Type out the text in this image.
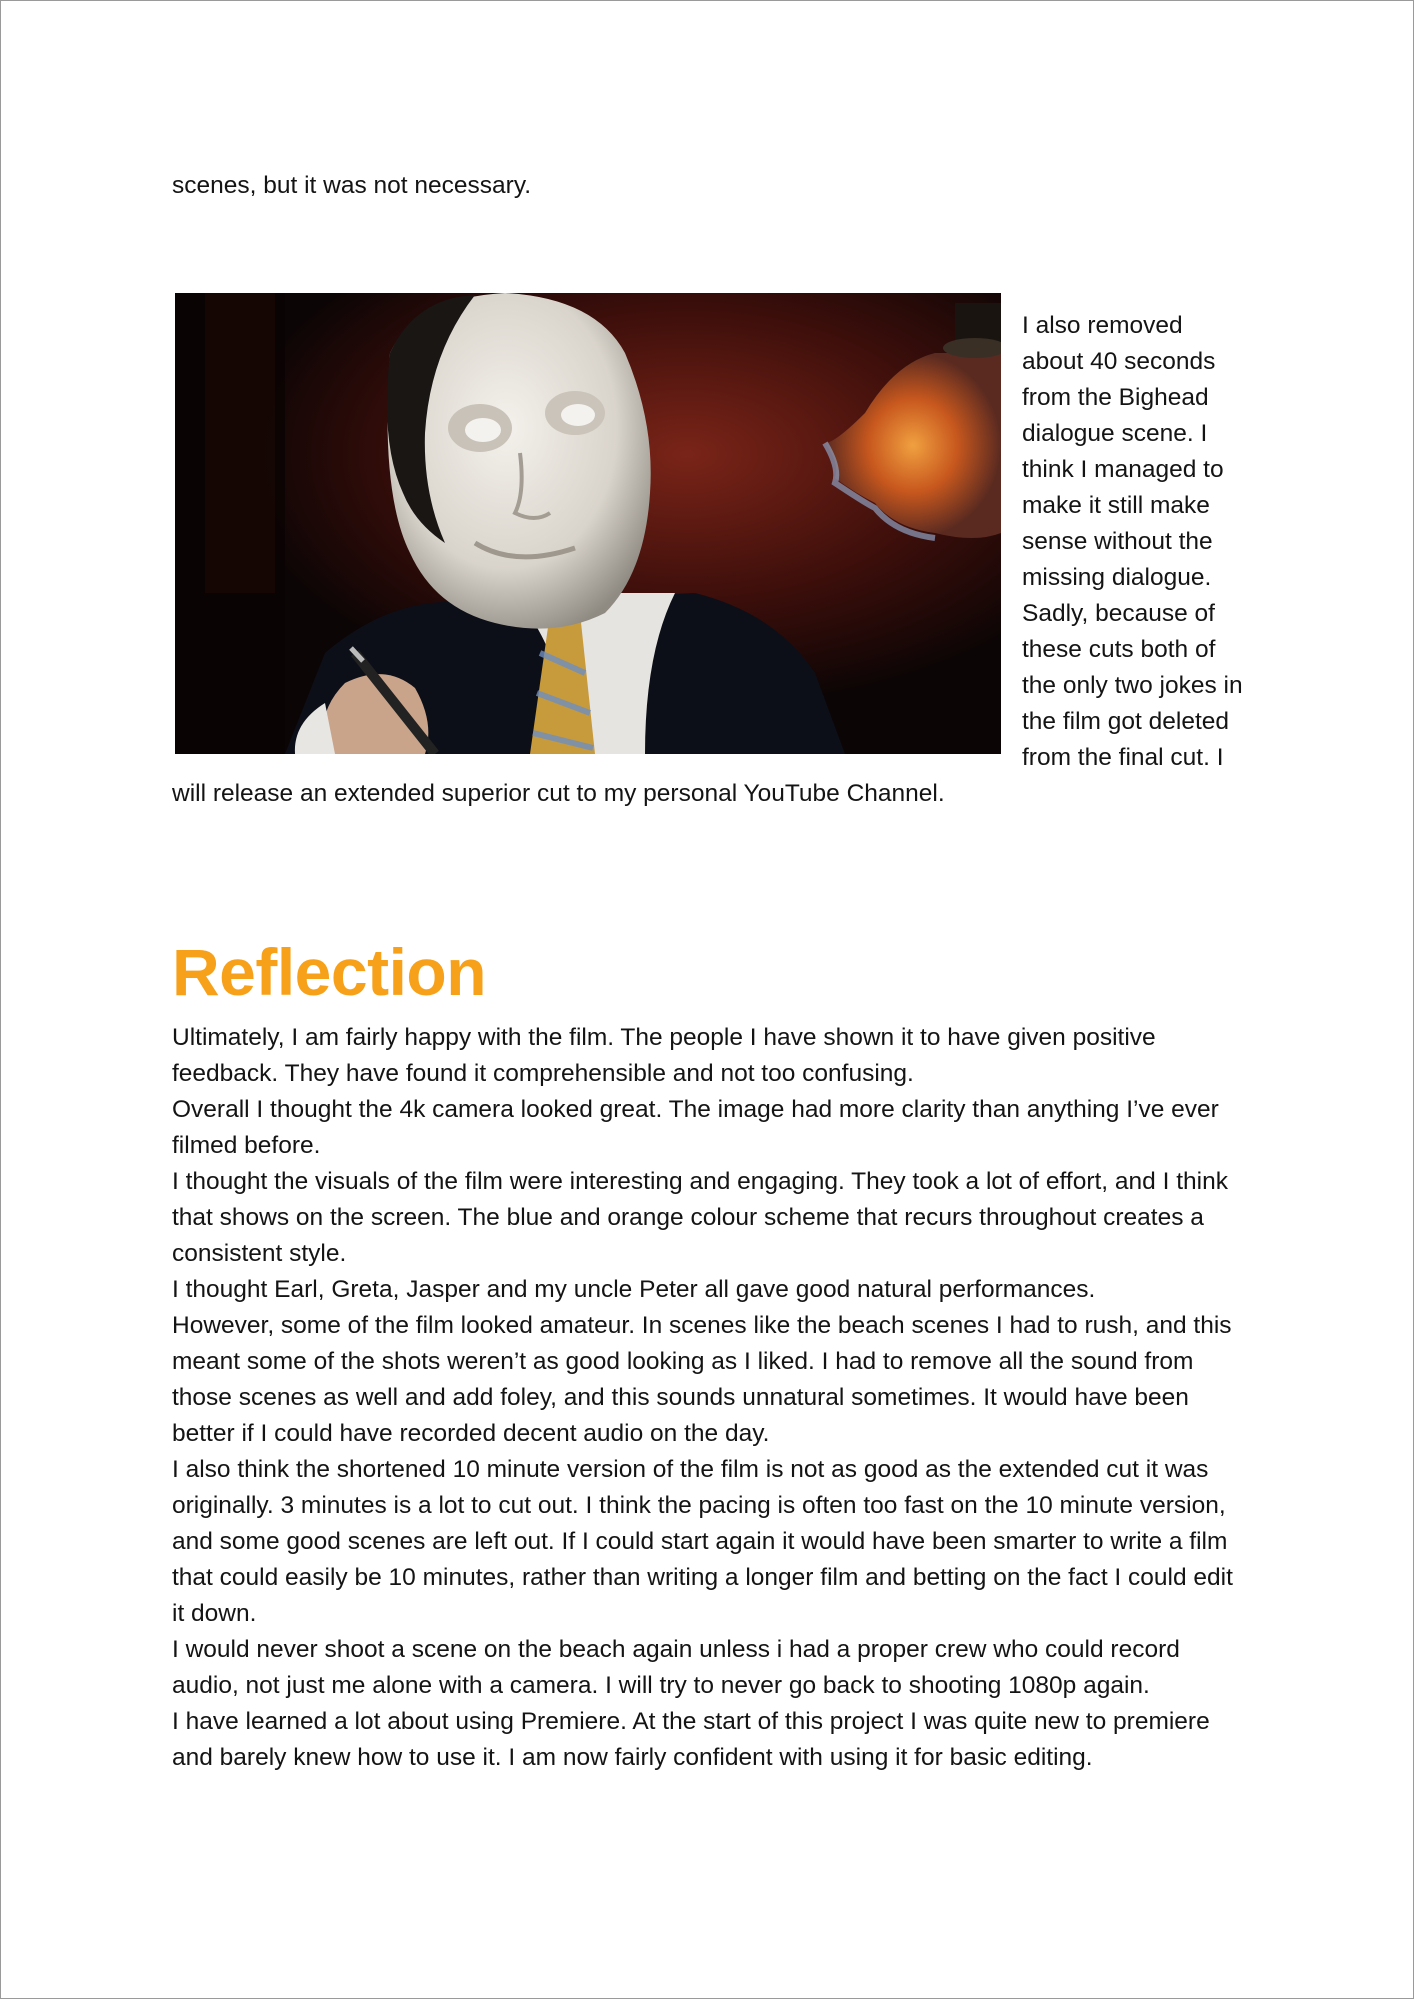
scenes, but it was not necessary.

I also removed about 40 seconds from the Bighead dialogue scene. I think I managed to make it still make sense without the missing dialogue. Sadly, because of these cuts both of the only two jokes in the film got deleted from the final cut. I will release an extended superior cut to my personal YouTube Channel.

Reflection

Ultimately, I am fairly happy with the film. The people I have shown it to have given positive feedback. They have found it comprehensible and not too confusing.

Overall I thought the 4k camera looked great. The image had more clarity than anything I’ve ever filmed before.

I thought the visuals of the film were interesting and engaging. They took a lot of effort, and I think that shows on the screen. The blue and orange colour scheme that recurs throughout creates a consistent style.

I thought Earl, Greta, Jasper and my uncle Peter all gave good natural performances.

However, some of the film looked amateur. In scenes like the beach scenes I had to rush, and this meant some of the shots weren’t as good looking as I liked. I had to remove all the sound from those scenes as well and add foley, and this sounds unnatural sometimes. It would have been better if I could have recorded decent audio on the day.

I also think the shortened 10 minute version of the film is not as good as the extended cut it was originally. 3 minutes is a lot to cut out. I think the pacing is often too fast on the 10 minute version, and some good scenes are left out. If I could start again it would have been smarter to write a film that could easily be 10 minutes, rather than writing a longer film and betting on the fact I could edit it down.

I would never shoot a scene on the beach again unless i had a proper crew who could record audio, not just me alone with a camera. I will try to never go back to shooting 1080p again.

I have learned a lot about using Premiere. At the start of this project I was quite new to premiere and barely knew how to use it. I am now fairly confident with using it for basic editing.
